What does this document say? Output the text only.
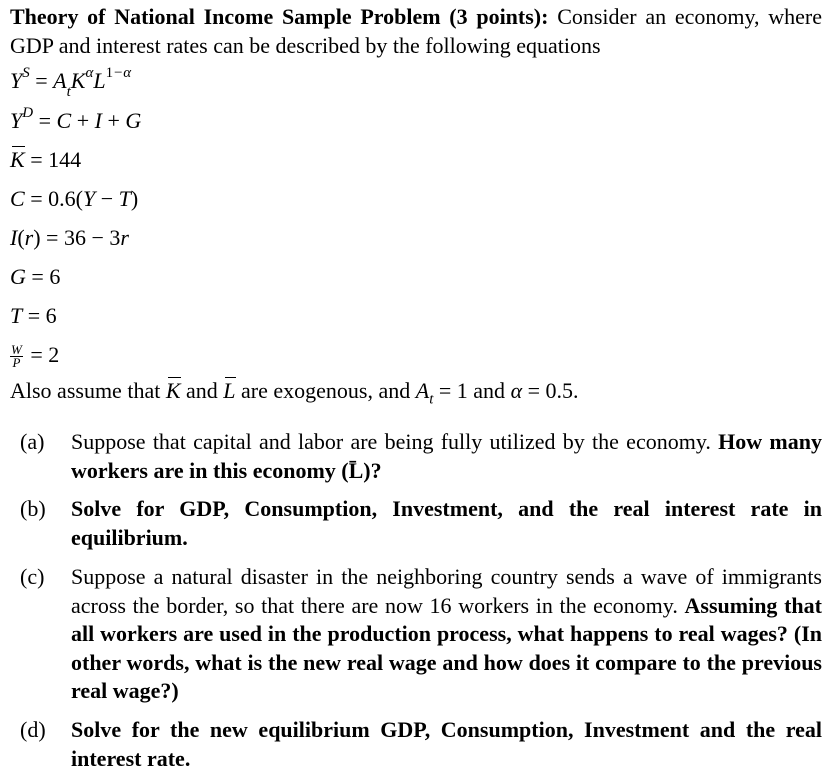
Theory of National Income Sample Problem (3 points): Consider an economy, where GDP and interest rates can be described by the following equations
$Y^S = A_tK^\alpha L^{1-\alpha}$
$Y^D = C + I + G$
K = 144
C = 0.6(Y − T)
I(r) = 36 − 3r
G = 6
T = 6
$\frac{W}{P} = 2$
Also assume that K and L are exogenous, and $A_t = 1$ and α = 0.5.
(a)	Suppose that capital and labor are being fully utilized by the economy. How many workers are in this economy (L̄)?
(b)	Solve for GDP, Consumption, Investment, and the real interest rate in equilibrium.
(c)	Suppose a natural disaster in the neighboring country sends a wave of immigrants across the border, so that there are now 16 workers in the economy. Assuming that all workers are used in the production process, what happens to real wages? (In other words, what is the new real wage and how does it compare to the previous real wage?)
(d)	Solve for the new equilibrium GDP, Consumption, Investment and the real interest rate.
